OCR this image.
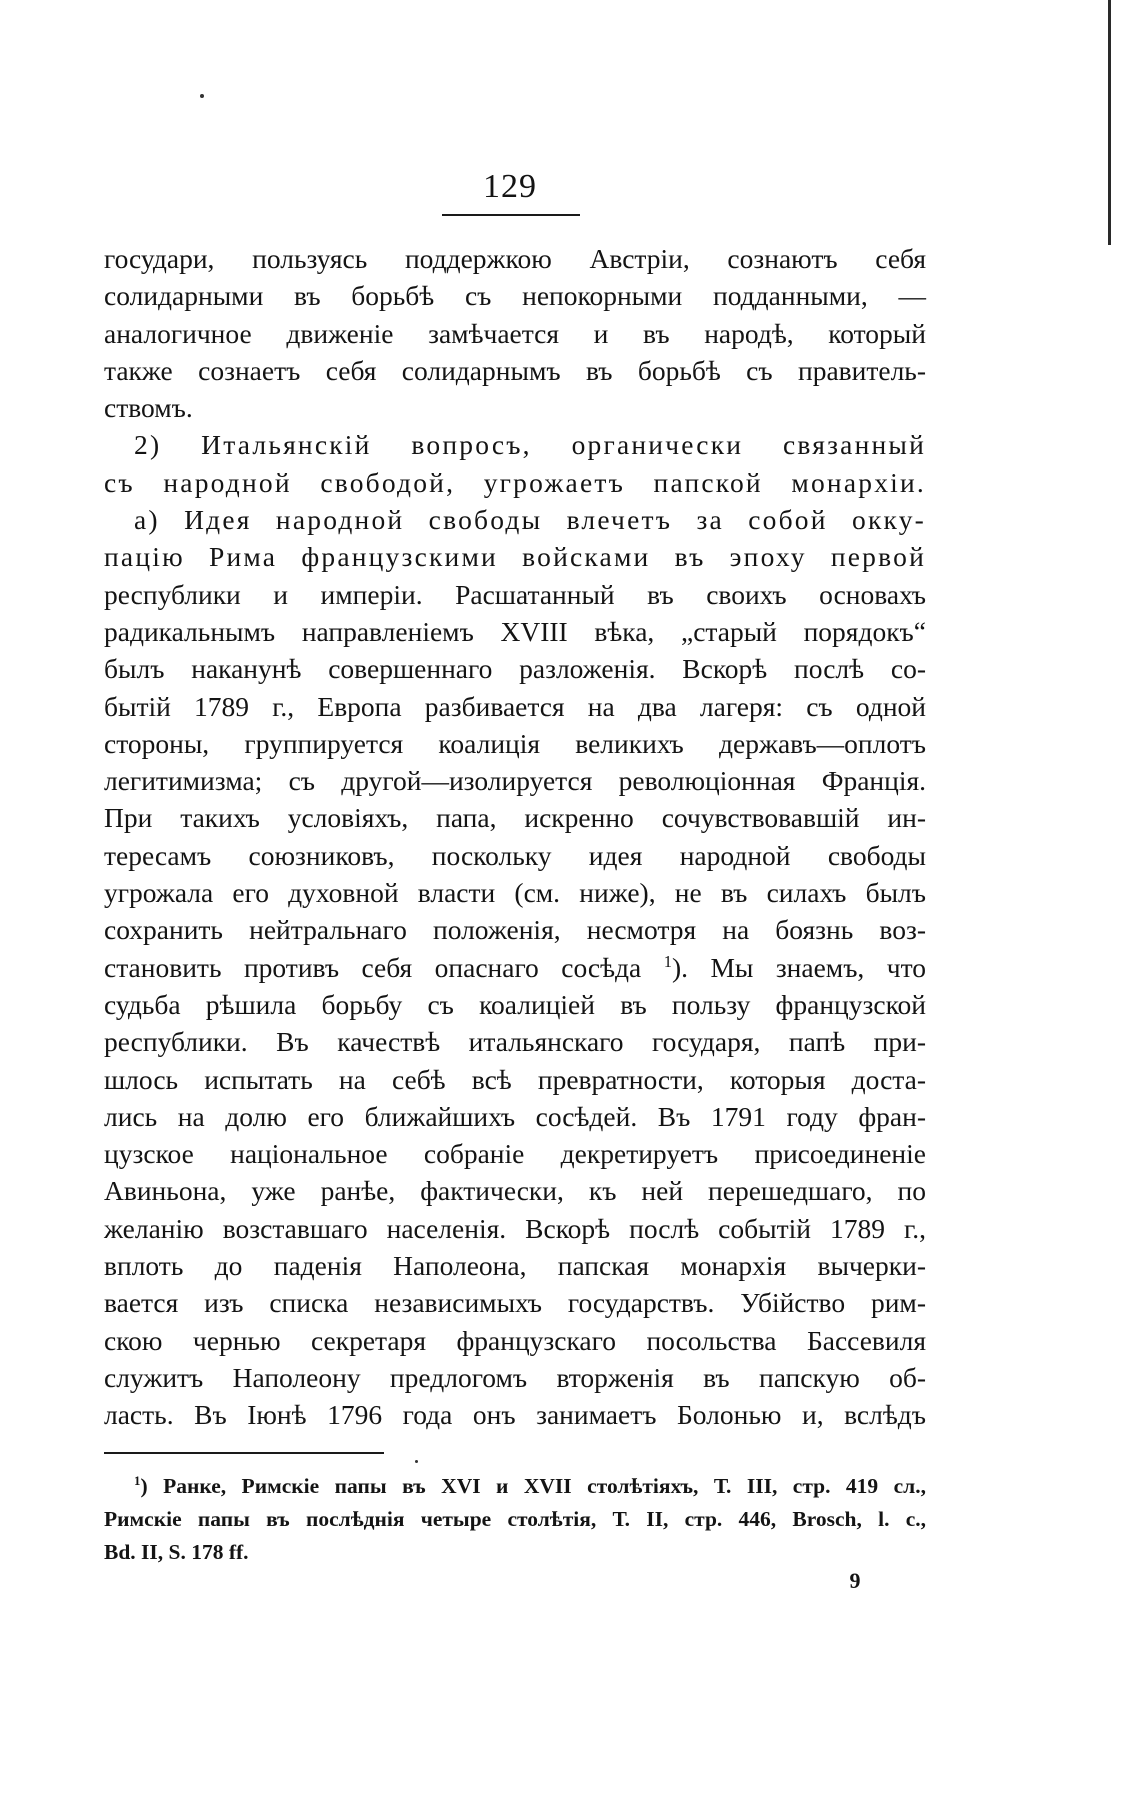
129
государи, пользуясь поддержкою Австріи, сознаютъ себя
солидарными въ борьбѣ съ непокорными подданными, —
аналогичное движеніе замѣчается и въ народѣ, который
также сознаетъ себя солидарнымъ въ борьбѣ съ правитель-
ствомъ.
2) Итальянскій вопросъ, органически связанный
съ народной свободой, угрожаетъ папской монархіи.
а) Идея народной свободы влечетъ за собой окку-
пацію Рима французскими войсками въ эпоху первой
республики и имперіи. Расшатанный въ своихъ основахъ
радикальнымъ направленіемъ XVIII вѣка, „старый порядокъ“
былъ наканунѣ совершеннаго разложенія. Вскорѣ послѣ со-
бытій 1789 г., Европа разбивается на два лагеря: съ одной
стороны, группируется коалиція великихъ державъ—оплотъ
легитимизма; съ другой—изолируется революціонная Франція.
При такихъ условіяхъ, папа, искренно сочувствовавшій ин-
тересамъ союзниковъ, поскольку идея народной свободы
угрожала его духовной власти (см. ниже), не въ силахъ былъ
сохранить нейтральнаго положенія, несмотря на боязнь воз-
становить противъ себя опаснаго сосѣда $^1$). Мы знаемъ, что
судьба рѣшила борьбу съ коалиціей въ пользу французской
республики. Въ качествѣ итальянскаго государя, папѣ при-
шлось испытать на себѣ всѣ превратности, которыя доста-
лись на долю его ближайшихъ сосѣдей. Въ 1791 году фран-
цузское національное собраніе декретируетъ присоединеніе
Авиньона, уже ранѣе, фактически, къ ней перешедшаго, по
желанію возставшаго населенія. Вскорѣ послѣ событій 1789 г.,
вплоть до паденія Наполеона, папская монархія вычерки-
вается изъ списка независимыхъ государствъ. Убійство рим-
скою чернью секретаря французскаго посольства Бассевиля
служитъ Наполеону предлогомъ вторженія въ папскую об-
ласть. Въ Іюнѣ 1796 года онъ занимаетъ Болонью и, вслѣдъ
$^1$) Ранке, Римскіе папы въ XVI и XVII столѣтіяхъ, Т. III, стр. 419 сл.,
Римскіе папы въ послѣднія четыре столѣтія, Т. II, стр. 446, Brosch, l. c.,
Bd. II, S. 178 ff.
9
